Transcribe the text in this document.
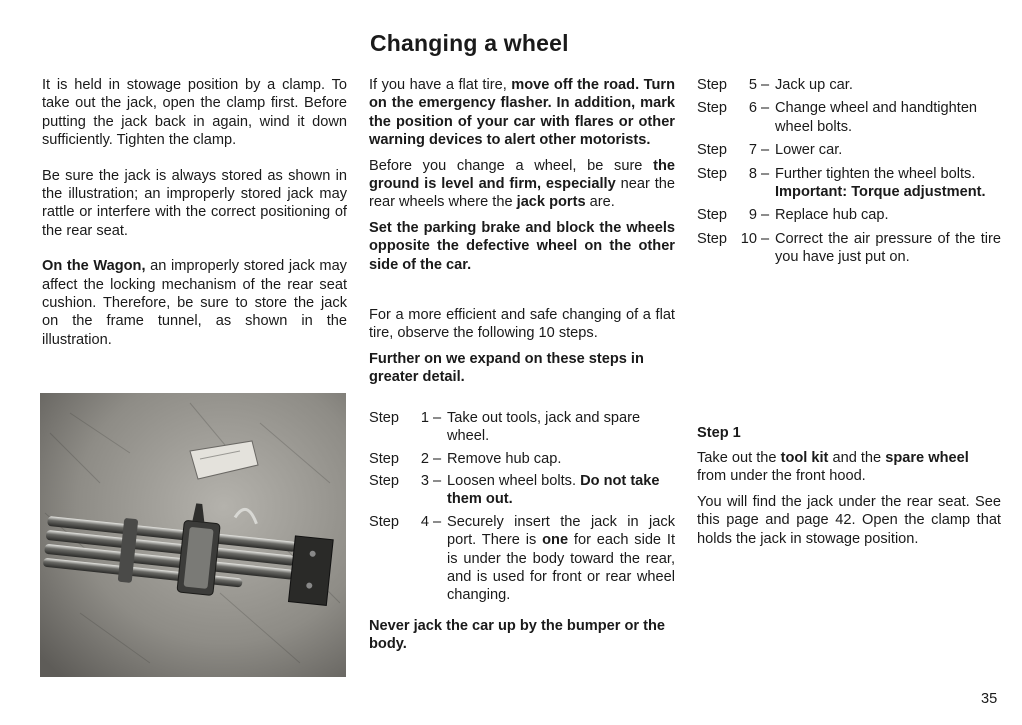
Changing a wheel

It is held in stowage position by a clamp. To take out the jack, open the clamp first. Before putting the jack back in again, wind it down sufficiently. Tighten the clamp.

Be sure the jack is always stored as shown in the illustration; an improperly stored jack may rattle or interfere with the correct positioning of the rear seat.

On the Wagon, an improperly stored jack may affect the locking mechanism of the rear seat cushion. Therefore, be sure to store the jack on the frame tunnel, as shown in the illustration.

If you have a flat tire, move off the road. Turn on the emergency flasher. In addition, mark the position of your car with flares or other warning devices to alert other motorists.

Before you change a wheel, be sure the ground is level and firm, especially near the rear wheels where the jack ports are.

Set the parking brake and block the wheels opposite the defective wheel on the other side of the car.

For a more efficient and safe changing of a flat tire, observe the following 10 steps.

Further on we expand on these steps in greater detail.

Step	1 – Take out tools, jack and spare wheel.
Step	2 – Remove hub cap.
Step	3 – Loosen wheel bolts. Do not take them out.
Step	4 – Securely insert the jack in jack port. There is one for each side It is under the body toward the rear, and is used for front or rear wheel changing.

Never jack the car up by the bumper or the body.

Step	5 – Jack up car.
Step	6 – Change wheel and handtighten wheel bolts.
Step	7 – Lower car.
Step	8 – Further tighten the wheel bolts.
Important: Torque adjustment.
Step	9 – Replace hub cap.
Step 10 – Correct the air pressure of the tire you have just put on.

Step 1

Take out the tool kit and the spare wheel from under the front hood.

You will find the jack under the rear seat. See this page and page 42. Open the clamp that holds the jack in stowage position.

35
